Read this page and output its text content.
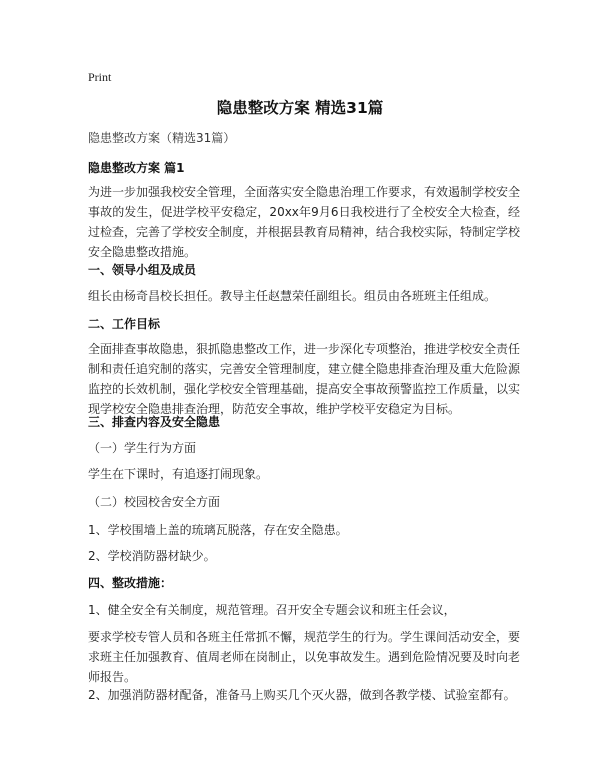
Print
隐患整改方案 精选31篇
隐患整改方案（精选31篇）
隐患整改方案 篇1
为进一步加强我校安全管理，全面落实安全隐患治理工作要求，有效遏制学校安全事故的发生，促进学校平安稳定，20xx年9月6日我校进行了全校安全大检查，经过检查，完善了学校安全制度，并根据县教育局精神，结合我校实际，特制定学校安全隐患整改措施。
一、领导小组及成员
组长由杨奇昌校长担任。教导主任赵慧荣任副组长。组员由各班班主任组成。
二、工作目标
全面排查事故隐患，狠抓隐患整改工作，进一步深化专项整治，推进学校安全责任制和责任追究制的落实，完善安全管理制度，建立健全隐患排查治理及重大危险源监控的长效机制，强化学校安全管理基础，提高安全事故预警监控工作质量，以实现学校安全隐患排查治理，防范安全事故，维护学校平安稳定为目标。
三、排查内容及安全隐患
（一）学生行为方面
学生在下课时，有追逐打闹现象。
（二）校园校舍安全方面
1、学校围墙上盖的琉璃瓦脱落，存在安全隐患。
2、学校消防器材缺少。
四、整改措施：
1、健全安全有关制度，规范管理。召开安全专题会议和班主任会议，
要求学校专管人员和各班主任常抓不懈，规范学生的行为。学生课间活动安全，要求班主任加强教育、值周老师在岗制止，以免事故发生。遇到危险情况要及时向老师报告。
2、加强消防器材配备，准备马上购买几个灭火器，做到各教学楼、试验室都有。
